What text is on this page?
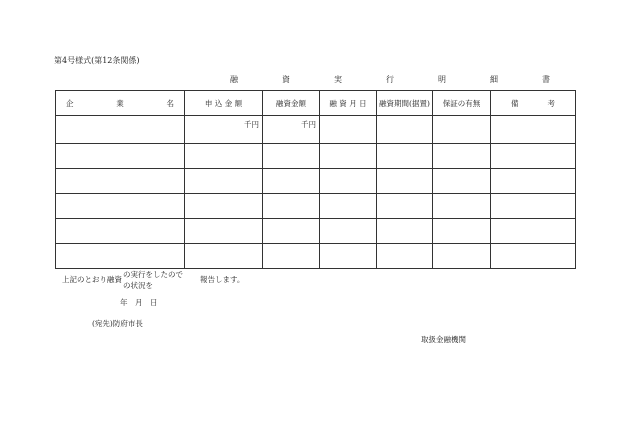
第4号様式(第12条関係)
融　資　実　行　明　細　書
企 業 名	申 込 金 額	融資金額	融 資 月 日	融資期間(据置)	保証の有無	備 考

	千円	千円				

上記のとおり融資
の実行をしたので
の状況を
報告します。
年　月　日
(宛先)防府市長
取扱金融機関
